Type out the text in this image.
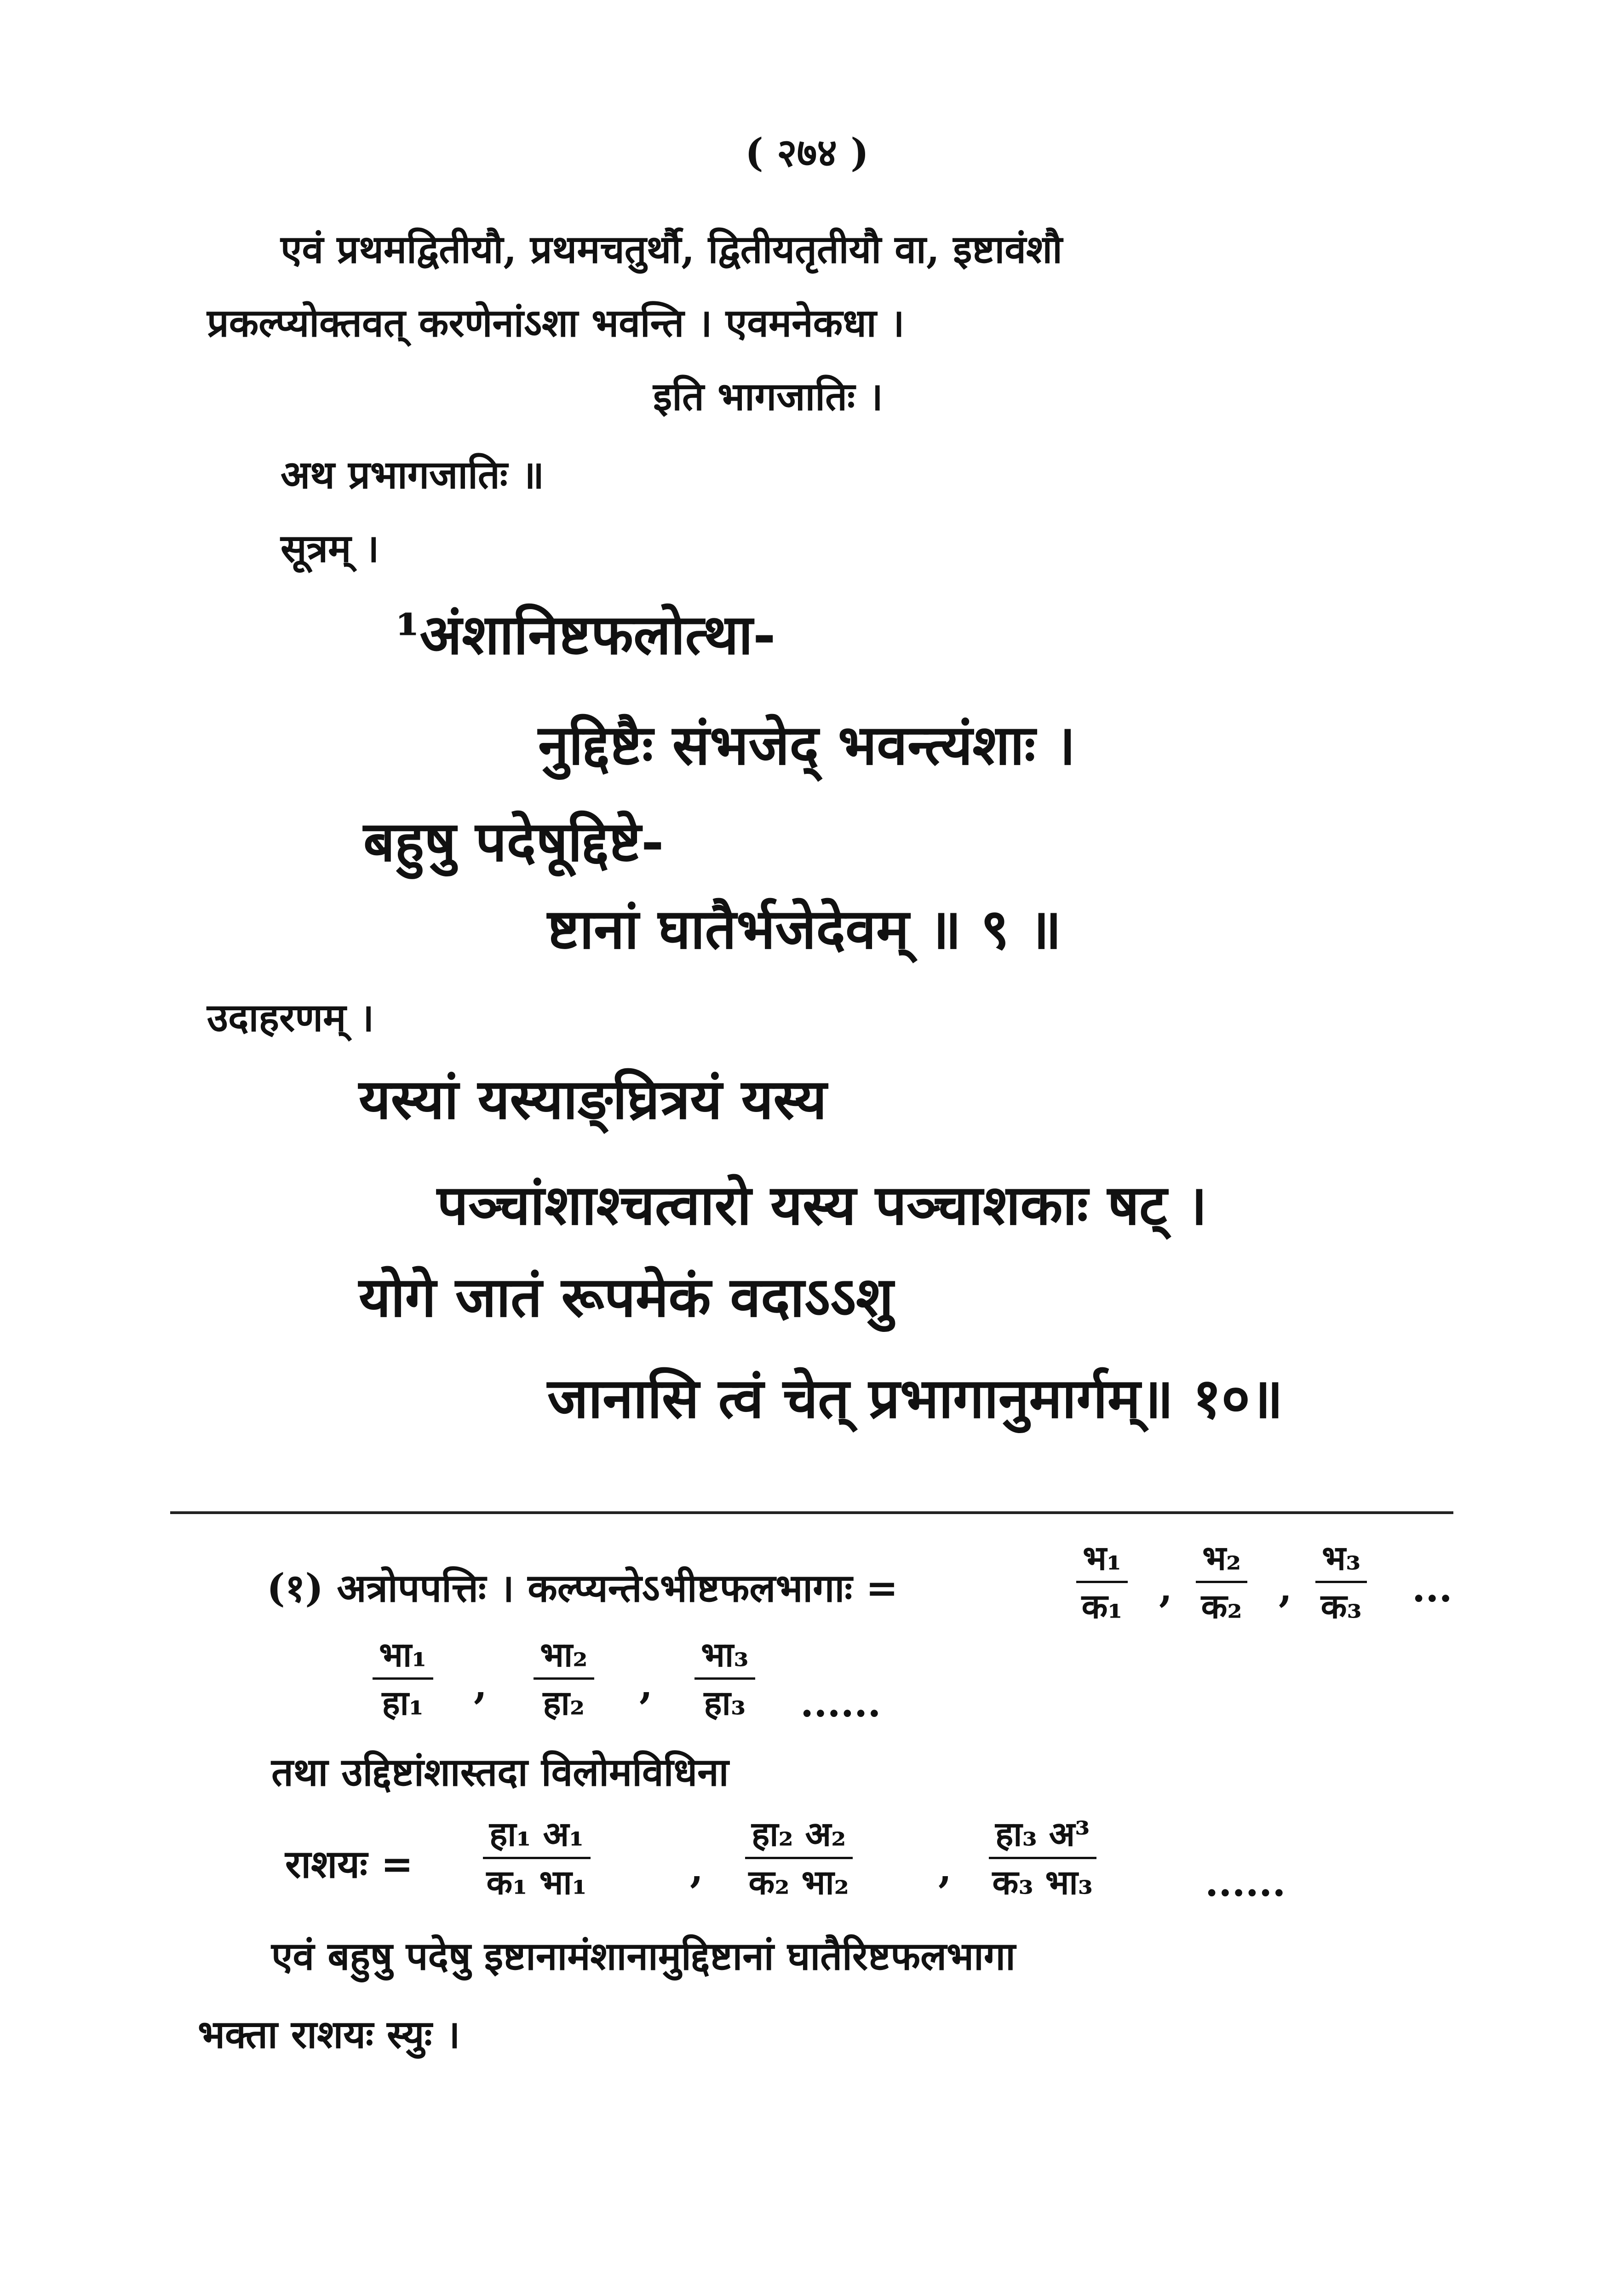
( २७४ )
एवं प्रथमद्वितीयौ, प्रथमचतुर्थौ, द्वितीयतृतीयौ वा, इष्टावंशौ
प्रकल्प्योक्तवत् करणेनांऽशा भवन्ति । एवमनेकधा ।
इति भागजातिः ।
अथ प्रभागजातिः ॥
सूत्रम् ।
¹अंशानिष्टफलोत्था-
नुद्दिष्टैः संभजेद् भवन्त्यंशाः ।
बहुषु पदेषूद्दिष्टे-
ष्टानां घातैर्भजेदेवम् ॥ ९ ॥
उदाहरणम् ।
यस्यां यस्याङ्घ्रित्रयं यस्य
पञ्चांशाश्चत्वारो यस्य पञ्चाशकाः षट् ।
योगे जातं रूपमेकं वदाऽऽशु
जानासि त्वं चेत् प्रभागानुमार्गम्॥ १०॥
(१) अत्रोपपत्तिः । कल्प्यन्तेऽभीष्टफलभागाः =
भ₁
क₁ ,
भ₂
क₂ ,
भ₃
क₃ ...
भा₁
हा₁ ,
भा₂
हा₂ ,
भा₃
हा₃ ......
तथा उद्दिष्टांशास्तदा विलोमविधिना
राशयः =
हा₁ अ₁
क₁ भा₁	,
हा₂ अ₂
क₂ भा₂ ,
हा₃ अ³
क₃ भा₃	......
एवं बहुषु पदेषु इष्टानामंशानामुद्दिष्टानां घातैरिष्टफलभागा
भक्ता राशयः स्युः ।
